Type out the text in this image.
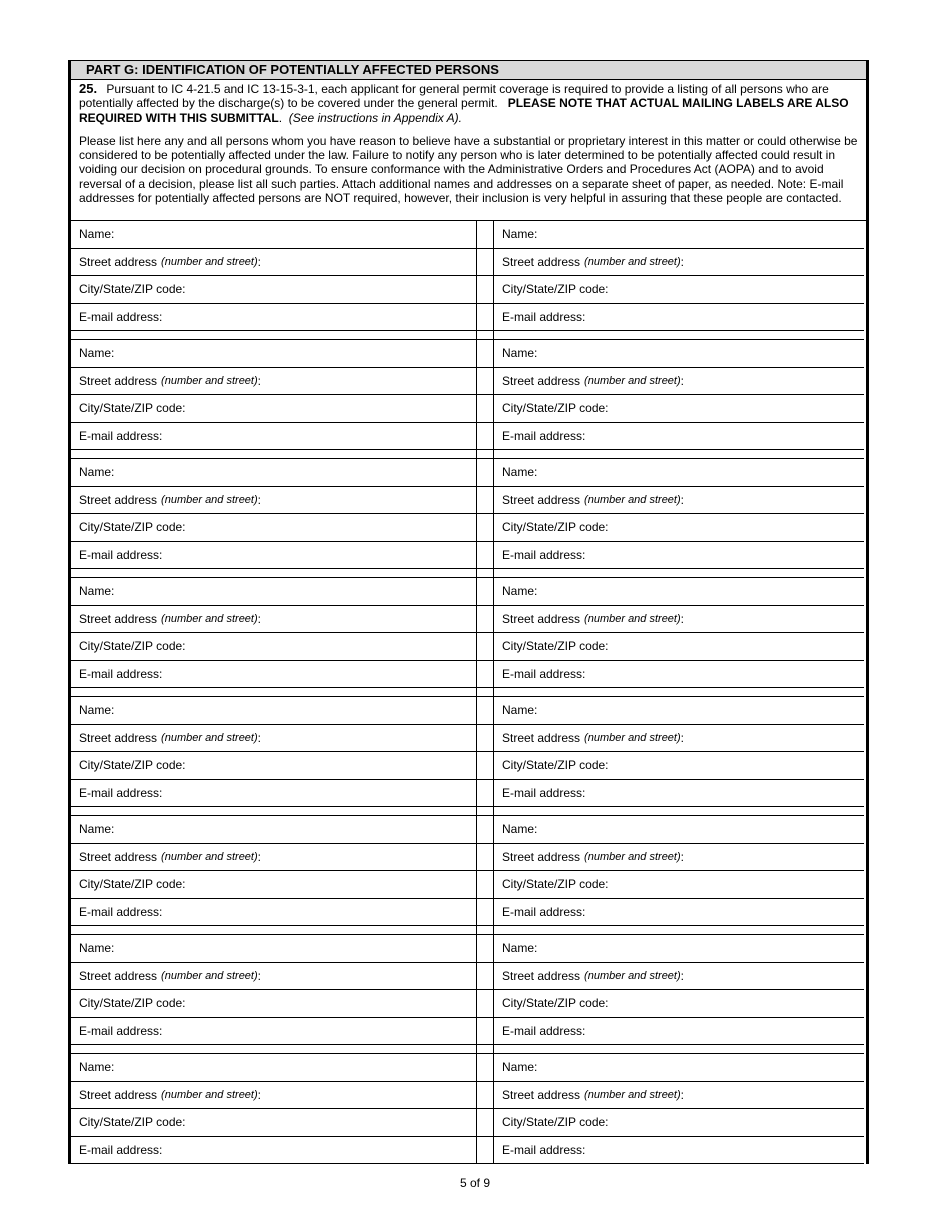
PART G: IDENTIFICATION OF POTENTIALLY AFFECTED PERSONS

25. Pursuant to IC 4-21.5 and IC 13-15-3-1, each applicant for general permit coverage is required to provide a listing of all persons who are potentially affected by the discharge(s) to be covered under the general permit. PLEASE NOTE THAT ACTUAL MAILING LABELS ARE ALSO REQUIRED WITH THIS SUBMITTAL.  (See instructions in Appendix A).

Please list here any and all persons whom you have reason to believe have a substantial or proprietary interest in this matter or could otherwise be considered to be potentially affected under the law. Failure to notify any person who is later determined to be potentially affected could result in voiding our decision on procedural grounds. To ensure conformance with the Administrative Orders and Procedures Act (AOPA) and to avoid reversal of a decision, please list all such parties. Attach additional names and addresses on a separate sheet of paper, as needed. Note: E-mail addresses for potentially affected persons are NOT required, however, their inclusion is very helpful in assuring that these people are contacted.

Name:	Name:
Street address (number and street) :	Street address (number and street) :
City/State/ZIP code:	City/State/ZIP code:
E-mail address:	E-mail address:
Name:	Name:
Street address (number and street) :	Street address (number and street) :
City/State/ZIP code:	City/State/ZIP code:
E-mail address:	E-mail address:
Name:	Name:
Street address (number and street) :	Street address (number and street) :
City/State/ZIP code:	City/State/ZIP code:
E-mail address:	E-mail address:
Name:	Name:
Street address (number and street) :	Street address (number and street) :
City/State/ZIP code:	City/State/ZIP code:
E-mail address:	E-mail address:
Name:	Name:
Street address (number and street) :	Street address (number and street) :
City/State/ZIP code:	City/State/ZIP code:
E-mail address:	E-mail address:
Name:	Name:
Street address (number and street) :	Street address (number and street) :
City/State/ZIP code:	City/State/ZIP code:
E-mail address:	E-mail address:
Name:	Name:
Street address (number and street) :	Street address (number and street) :
City/State/ZIP code:	City/State/ZIP code:
E-mail address:	E-mail address:
Name:	Name:
Street address (number and street) :	Street address (number and street) :
City/State/ZIP code:	City/State/ZIP code:
E-mail address:	E-mail address:
5 of 9
